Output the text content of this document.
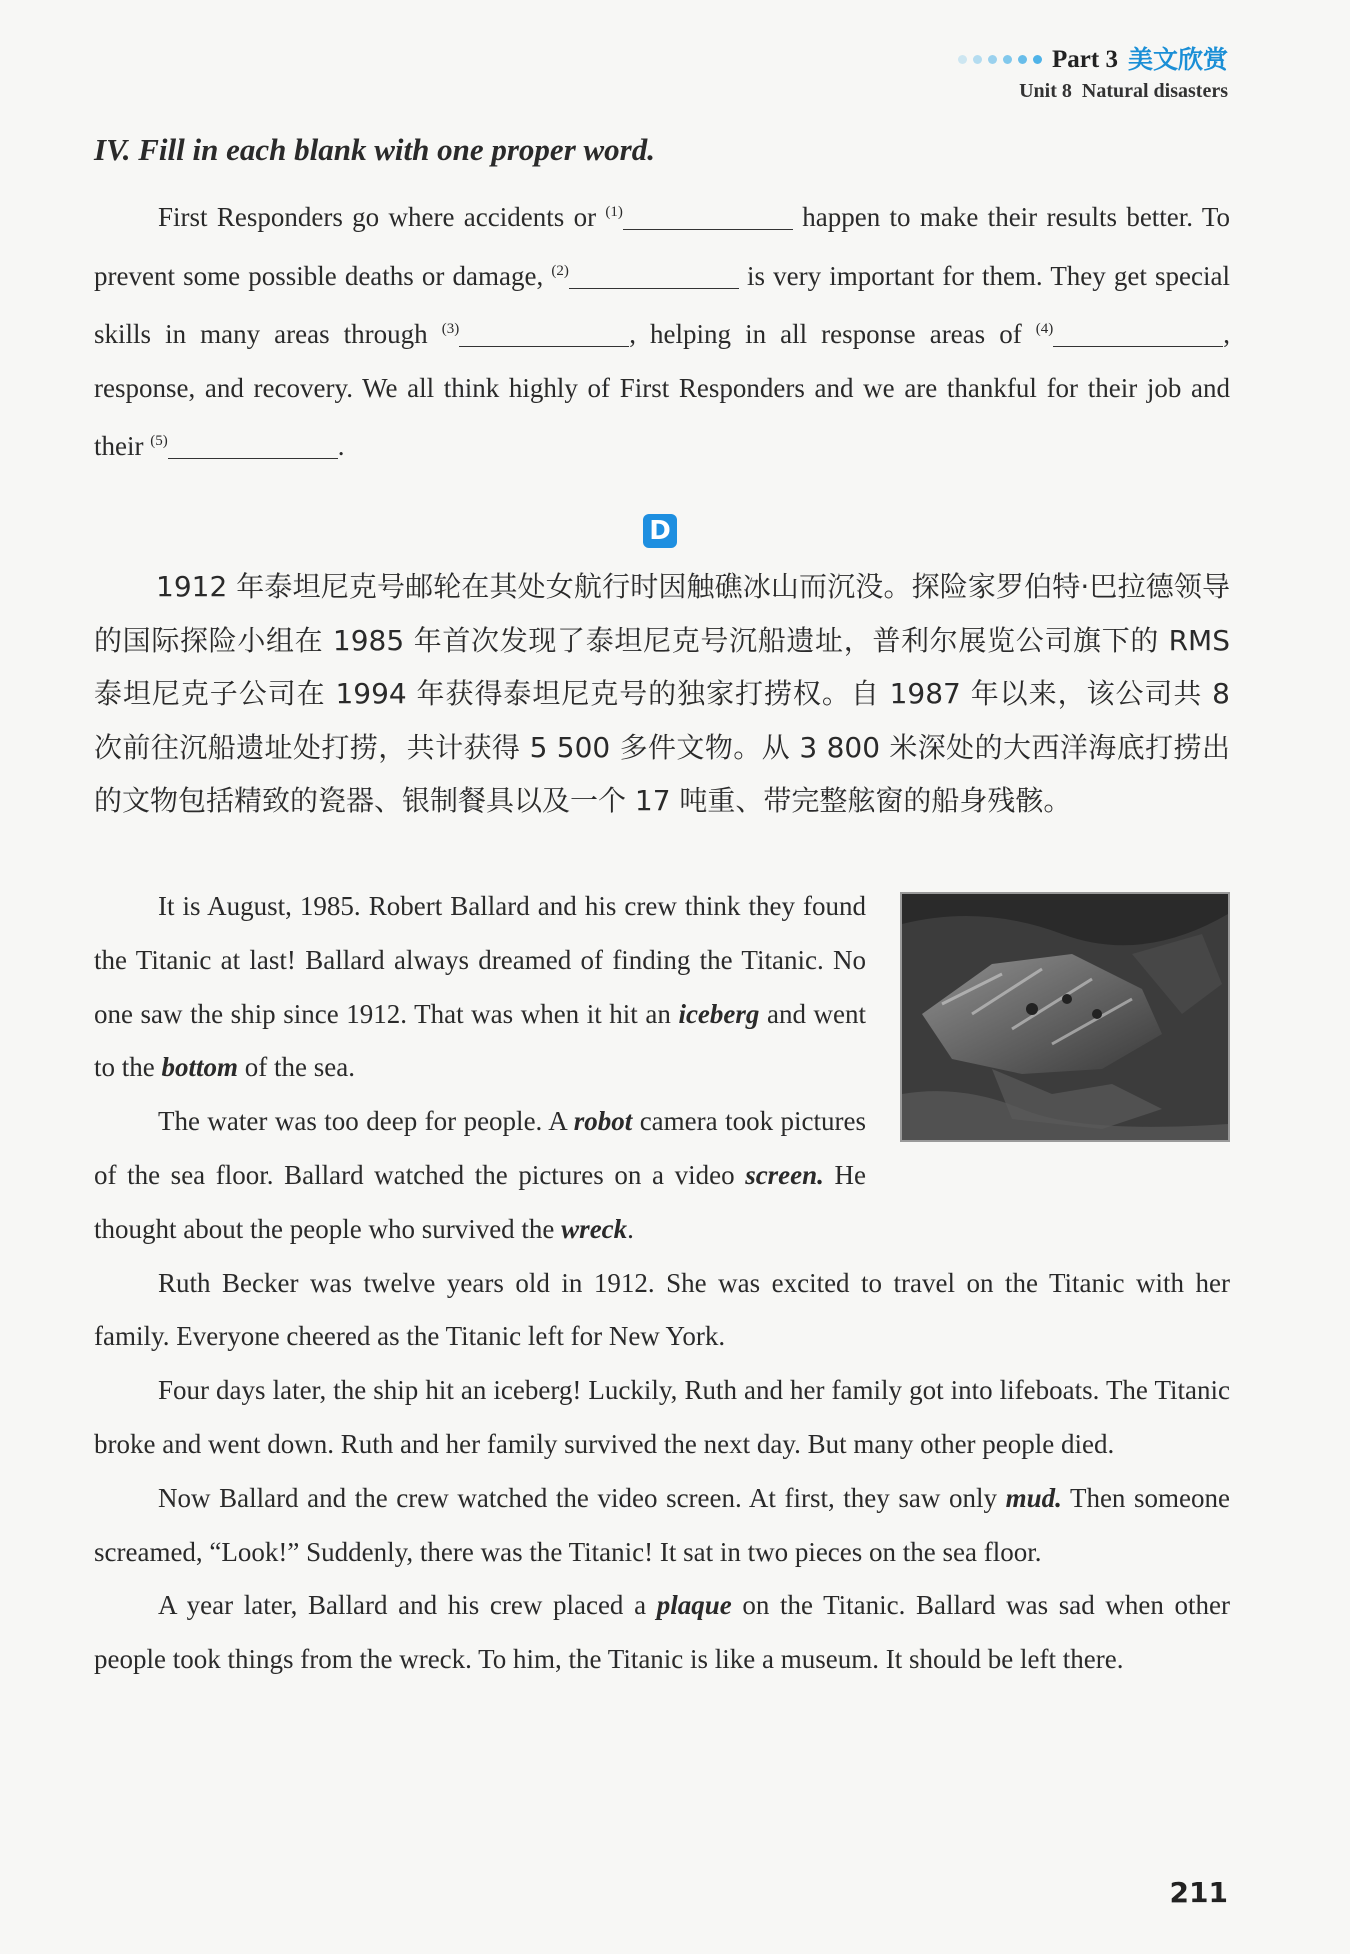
Part 3 美文欣赏
Unit 8 Natural disasters
IV. Fill in each blank with one proper word.

First Responders go where accidents or $^{(1)}$	happen to make their results better. To prevent some possible deaths or damage, $^{(2)}$	is very important for them. They get special skills in many areas through $^{(3)}$	, helping in all response areas of $^{(4)}$	, response, and recovery. We all think highly of First Responders and we are thankful for their job and their $^{(5)}$	.

D

1912 年泰坦尼克号邮轮在其处女航行时因触礁冰山而沉没。探险家罗伯特·巴拉德领导的国际探险小组在 1985 年首次发现了泰坦尼克号沉船遗址，普利尔展览公司旗下的 RMS 泰坦尼克子公司在 1994 年获得泰坦尼克号的独家打捞权。自 1987 年以来，该公司共 8 次前往沉船遗址处打捞，共计获得 5 500 多件文物。从 3 800 米深处的大西洋海底打捞出的文物包括精致的瓷器、银制餐具以及一个 17 吨重、带完整舷窗的船身残骸。

It is August, 1985. Robert Ballard and his crew think they found the Titanic at last! Ballard always dreamed of finding the Titanic. No one saw the ship since 1912. That was when it hit an iceberg and went to the bottom of the sea.

The water was too deep for people. A robot camera took pictures of the sea floor. Ballard watched the pictures on a video screen. He thought about the people who survived the wreck.

Ruth Becker was twelve years old in 1912. She was excited to travel on the Titanic with her family. Everyone cheered as the Titanic left for New York.

Four days later, the ship hit an iceberg! Luckily, Ruth and her family got into lifeboats. The Titanic broke and went down. Ruth and her family survived the next day. But many other people died.

Now Ballard and the crew watched the video screen. At first, they saw only mud. Then someone screamed, “Look!” Suddenly, there was the Titanic! It sat in two pieces on the sea floor.

A year later, Ballard and his crew placed a plaque on the Titanic. Ballard was sad when other people took things from the wreck. To him, the Titanic is like a museum. It should be left there.

211
